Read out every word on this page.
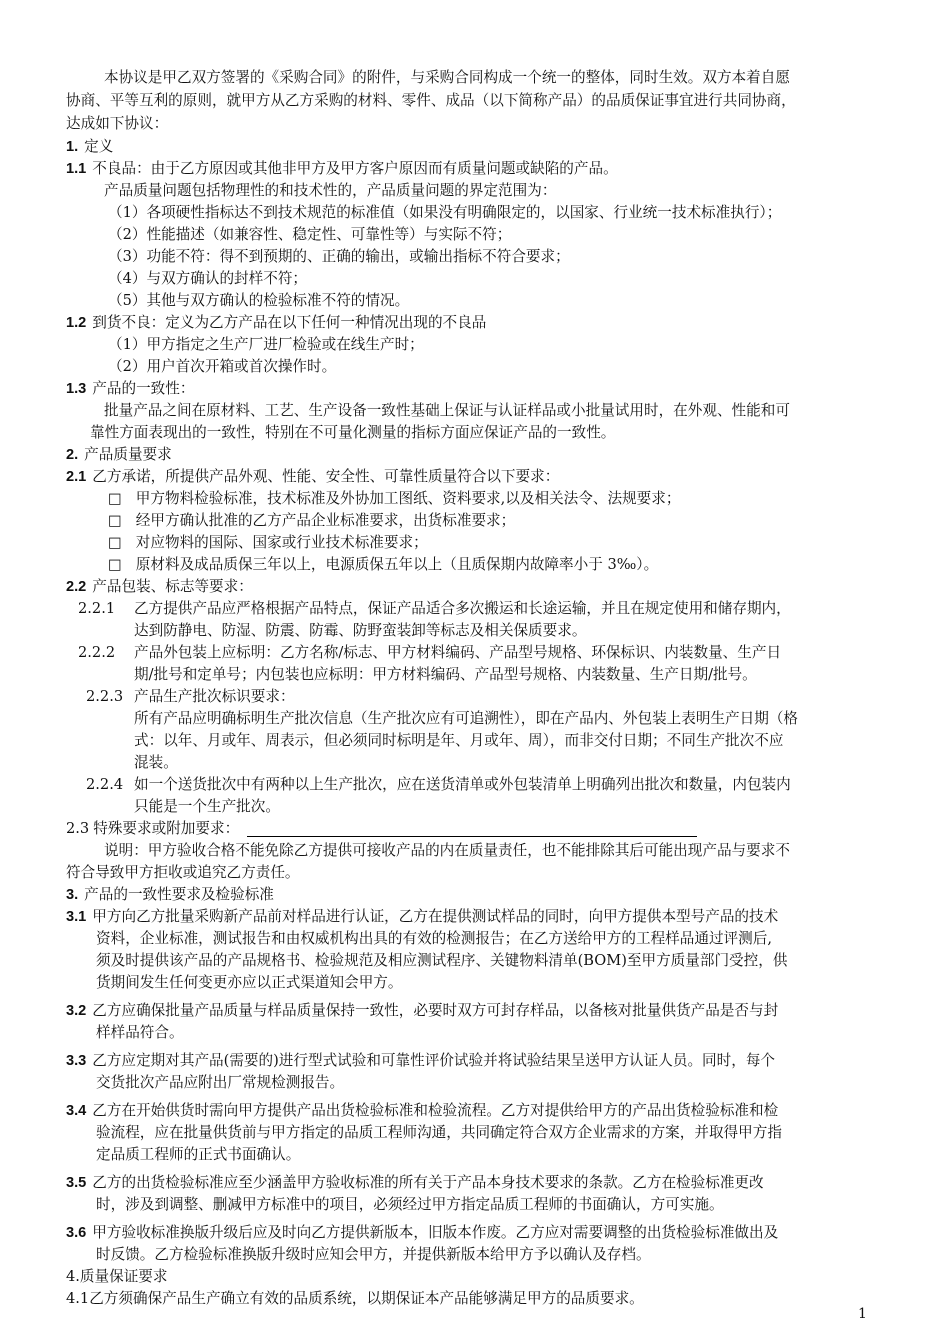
本协议是甲乙双方签署的《采购合同》的附件，与采购合同构成一个统一的整体，同时生效。双方本着自愿
协商、平等互利的原则，就甲方从乙方采购的材料、零件、成品（以下简称产品）的品质保证事宜进行共同协商，
达成如下协议：
1. 定义
1.1 不良品：由于乙方原因或其他非甲方及甲方客户原因而有质量问题或缺陷的产品。
产品质量问题包括物理性的和技术性的，产品质量问题的界定范围为：
（1）各项硬性指标达不到技术规范的标准值（如果没有明确限定的，以国家、行业统一技术标准执行）；
（2）性能描述（如兼容性、稳定性、可靠性等）与实际不符；
（3）功能不符：得不到预期的、正确的输出，或输出指标不符合要求；
（4）与双方确认的封样不符；
（5）其他与双方确认的检验标准不符的情况。
1.2 到货不良：定义为乙方产品在以下任何一种情况出现的不良品
（1）甲方指定之生产厂进厂检验或在线生产时；
（2）用户首次开箱或首次操作时。
1.3 产品的一致性：
批量产品之间在原材料、工艺、生产设备一致性基础上保证与认证样品或小批量试用时，在外观、性能和可
靠性方面表现出的一致性，特别在不可量化测量的指标方面应保证产品的一致性。
2. 产品质量要求
2.1 乙方承诺，所提供产品外观、性能、安全性、可靠性质量符合以下要求：
□ 甲方物料检验标准，技术标准及外协加工图纸、资料要求,以及相关法令、法规要求；
□ 经甲方确认批准的乙方产品企业标准要求，出货标准要求；
□ 对应物料的国际、国家或行业技术标准要求；
□ 原材料及成品质保三年以上，电源质保五年以上（且质保期内故障率小于 3‰）。
2.2 产品包装、标志等要求：
2.2.1 乙方提供产品应严格根据产品特点，保证产品适合多次搬运和长途运输，并且在规定使用和储存期内，
达到防静电、防湿、防震、防霉、防野蛮装卸等标志及相关保质要求。
2.2.2 产品外包装上应标明：乙方名称/标志、甲方材料编码、产品型号规格、环保标识、内装数量、生产日
期/批号和定单号；内包装也应标明：甲方材料编码、产品型号规格、内装数量、生产日期/批号。
2.2.3 产品生产批次标识要求：
所有产品应明确标明生产批次信息（生产批次应有可追溯性），即在产品内、外包装上表明生产日期（格
式：以年、月或年、周表示，但必须同时标明是年、月或年、周），而非交付日期；不同生产批次不应
混装。
2.2.4 如一个送货批次中有两种以上生产批次，应在送货清单或外包装清单上明确列出批次和数量，内包装内
只能是一个生产批次。
2.3 特殊要求或附加要求：
说明：甲方验收合格不能免除乙方提供可接收产品的内在质量责任，也不能排除其后可能出现产品与要求不
符合导致甲方拒收或追究乙方责任。
3. 产品的一致性要求及检验标准
3.1 甲方向乙方批量采购新产品前对样品进行认证，乙方在提供测试样品的同时，向甲方提供本型号产品的技术
资料，企业标准，测试报告和由权威机构出具的有效的检测报告；在乙方送给甲方的工程样品通过评测后,
须及时提供该产品的产品规格书、检验规范及相应测试程序、关键物料清单(BOM)至甲方质量部门受控，供
货期间发生任何变更亦应以正式渠道知会甲方。
3.2 乙方应确保批量产品质量与样品质量保持一致性，必要时双方可封存样品，以备核对批量供货产品是否与封
样样品符合。
3.3 乙方应定期对其产品(需要的)进行型式试验和可靠性评价试验并将试验结果呈送甲方认证人员。同时，每个
交货批次产品应附出厂常规检测报告。
3.4 乙方在开始供货时需向甲方提供产品出货检验标准和检验流程。乙方对提供给甲方的产品出货检验标准和检
验流程，应在批量供货前与甲方指定的品质工程师沟通，共同确定符合双方企业需求的方案，并取得甲方指
定品质工程师的正式书面确认。
3.5 乙方的出货检验标准应至少涵盖甲方验收标准的所有关于产品本身技术要求的条款。乙方在检验标准更改
时，涉及到调整、删减甲方标准中的项目，必须经过甲方指定品质工程师的书面确认，方可实施。
3.6 甲方验收标准换版升级后应及时向乙方提供新版本，旧版本作废。乙方应对需要调整的出货检验标准做出及
时反馈。乙方检验标准换版升级时应知会甲方，并提供新版本给甲方予以确认及存档。
4.质量保证要求
4.1乙方须确保产品生产确立有效的品质系统，以期保证本产品能够满足甲方的品质要求。
1
